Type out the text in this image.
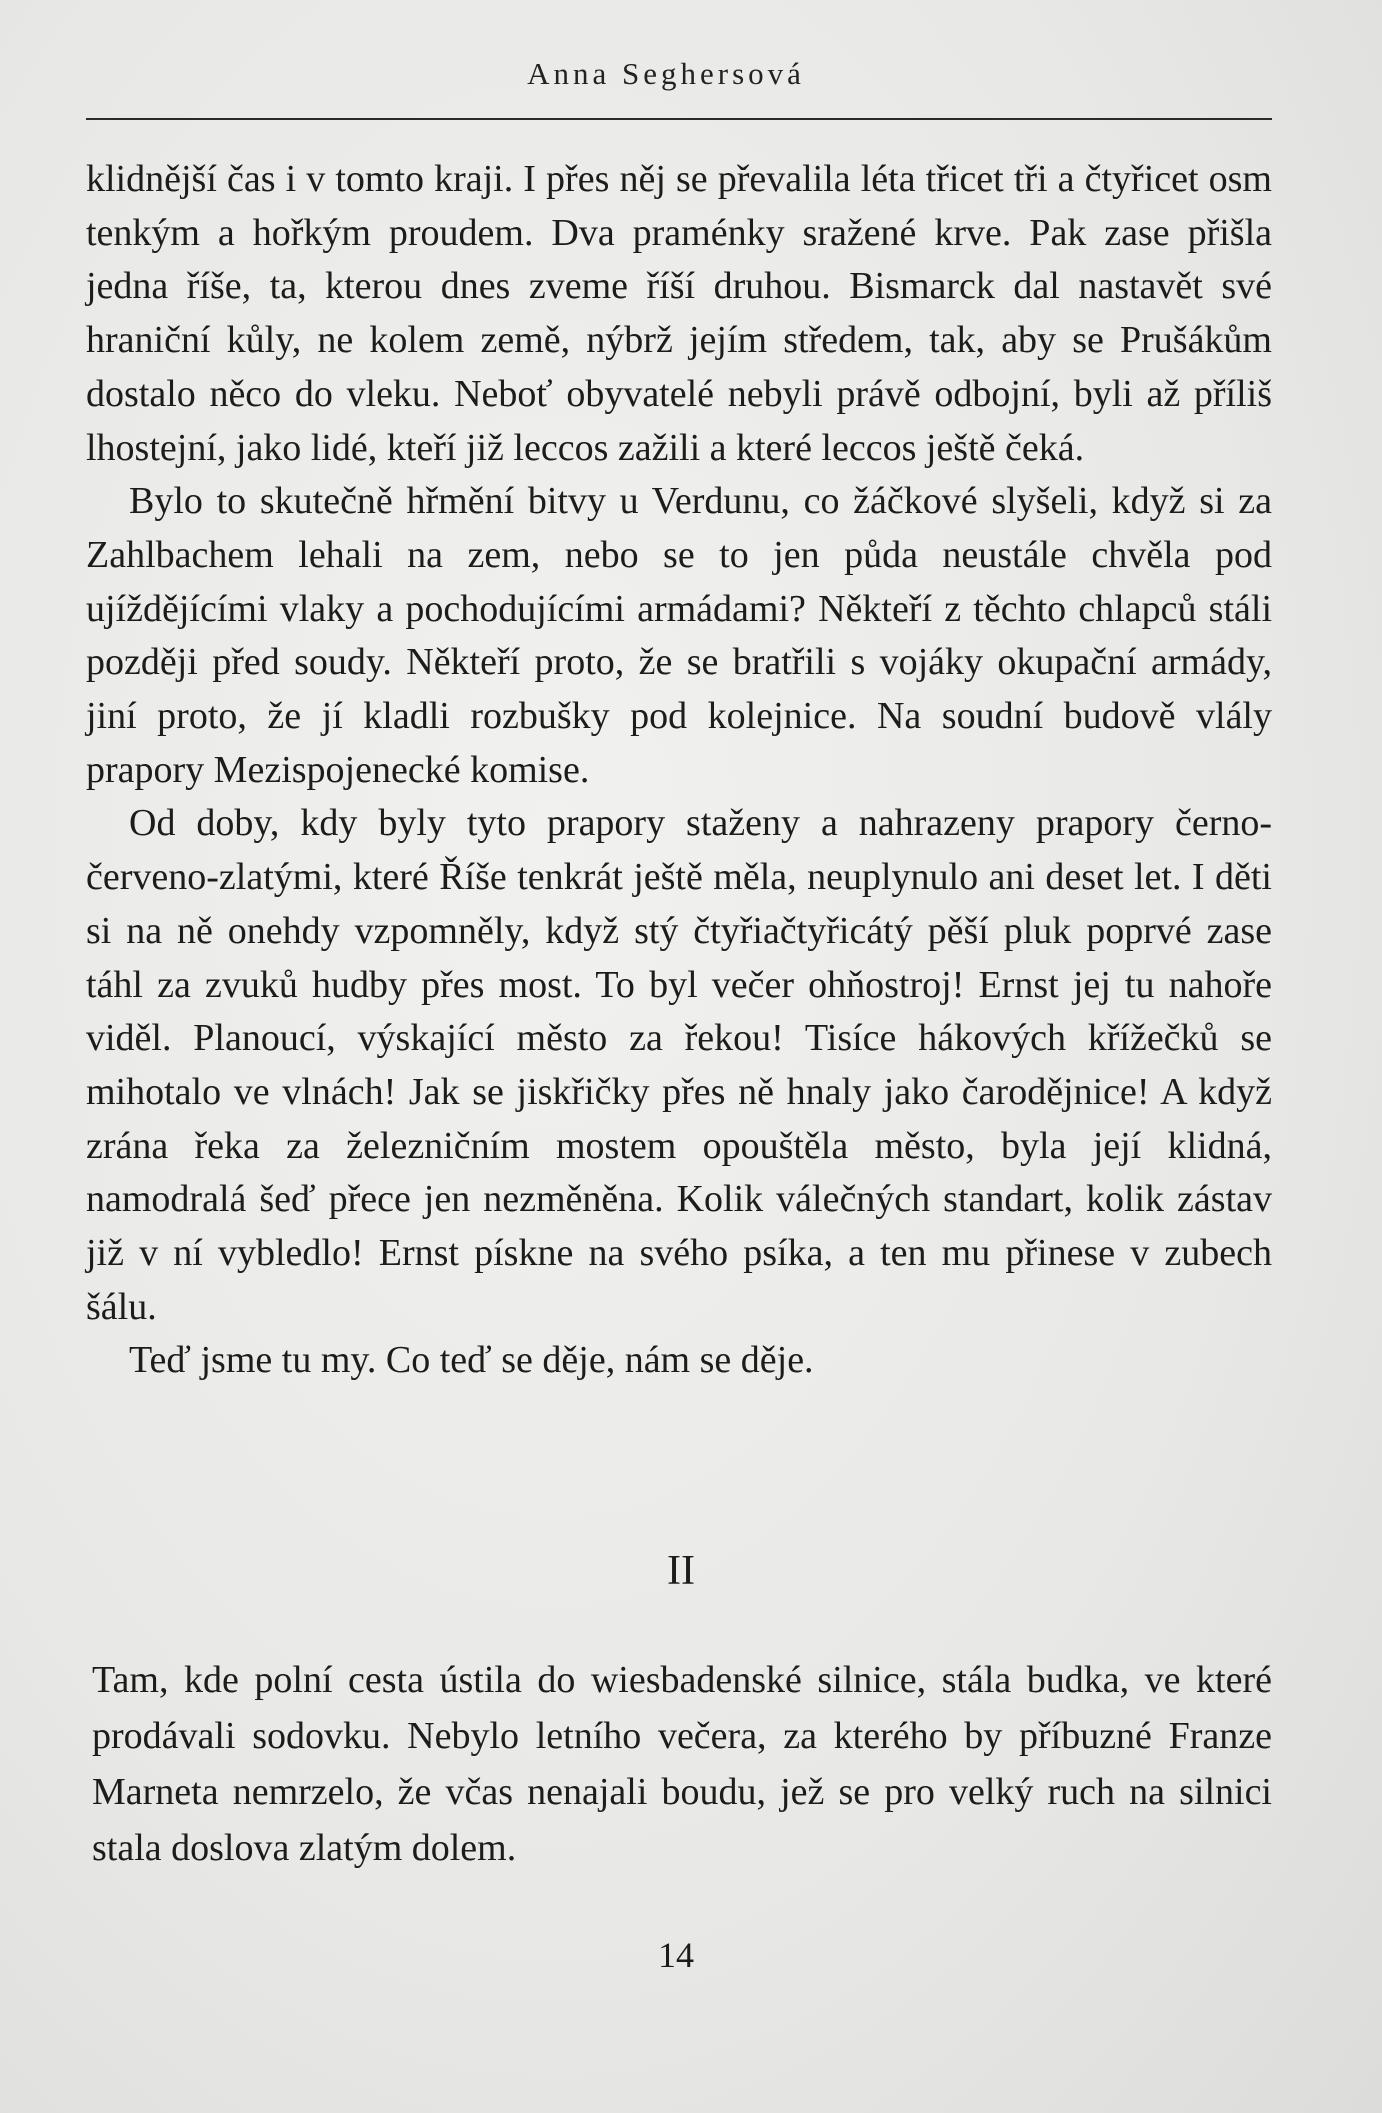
Anna Seghersová

klidnější čas i v tomto kraji. I přes něj se převalila léta třicet tři a čtyřicet osm tenkým a hořkým proudem. Dva praménky sražené krve. Pak zase přišla jedna říše, ta, kterou dnes zveme říší druhou. Bismarck dal nastavět své hraniční kůly, ne kolem země, nýbrž jejím středem, tak, aby se Prušákům dostalo něco do vleku. Neboť obyvatelé nebyli právě odbojní, byli až příliš lhostejní, jako lidé, kteří již leccos zažili a které leccos ještě čeká.

Bylo to skutečně hřmění bitvy u Verdunu, co žáčkové slyšeli, když si za Zahlbachem lehali na zem, nebo se to jen půda neustále chvěla pod ujíždějícími vlaky a pochodujícími armádami? Někteří z těchto chlapců stáli později před soudy. Někteří proto, že se bratřili s vojáky okupační armády, jiní proto, že jí kladli rozbušky pod kolejnice. Na soudní budově vlály prapory Mezispojenecké komise.

Od doby, kdy byly tyto prapory staženy a nahrazeny prapory černo-červeno-zlatými, které Říše tenkrát ještě měla, neuplynulo ani deset let. I děti si na ně onehdy vzpomněly, když stý čtyřiačtyřicátý pěší pluk poprvé zase táhl za zvuků hudby přes most. To byl večer ohňostroj! Ernst jej tu nahoře viděl. Planoucí, výskající město za řekou! Tisíce hákových křížečků se mihotalo ve vlnách! Jak se jiskřičky přes ně hnaly jako čarodějnice! A když zrána řeka za železničním mostem opouštěla město, byla její klidná, namodralá šeď přece jen nezměněna. Kolik válečných standart, kolik zástav již v ní vybledlo! Ernst pískne na svého psíka, a ten mu přinese v zubech šálu.

Teď jsme tu my. Co teď se děje, nám se děje.

II

Tam, kde polní cesta ústila do wiesbadenské silnice, stála budka, ve které prodávali sodovku. Nebylo letního večera, za kterého by příbuzné Franze Marneta nemrzelo, že včas nenajali boudu, jež se pro velký ruch na silnici stala doslova zlatým dolem.

14
